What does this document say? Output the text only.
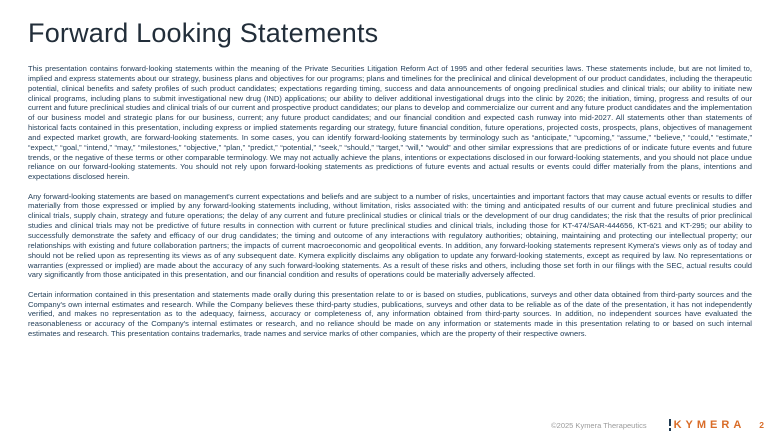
Forward Looking Statements

This presentation contains forward-looking statements within the meaning of the Private Securities Litigation Reform Act of 1995 and other federal securities laws. These statements include, but are not limited to, implied and express statements about our strategy, business plans and objectives for our programs; plans and timelines for the preclinical and clinical development of our product candidates, including the therapeutic potential, clinical benefits and safety profiles of such product candidates; expectations regarding timing, success and data announcements of ongoing preclinical studies and clinical trials; our ability to initiate new clinical programs, including plans to submit investigational new drug (IND) applications; our ability to deliver additional investigational drugs into the clinic by 2026; the initiation, timing, progress and results of our current and future preclinical studies and clinical trials of our current and prospective product candidates; our plans to develop and commercialize our current and any future product candidates and the implementation of our business model and strategic plans for our business, current; any future product candidates; and our financial condition and expected cash runway into mid-2027. All statements other than statements of historical facts contained in this presentation, including express or implied statements regarding our strategy, future financial condition, future operations, projected costs, prospects, plans, objectives of management and expected market growth, are forward-looking statements. In some cases, you can identify forward-looking statements by terminology such as “anticipate,” “upcoming,” “assume,” “believe,” “could,” “estimate,” “expect,” “goal,” “intend,” “may,” “milestones,” “objective,” “plan,” “predict,” “potential,” “seek,” “should,” “target,” “will,” “would” and other similar expressions that are predictions of or indicate future events and future trends, or the negative of these terms or other comparable terminology. We may not actually achieve the plans, intentions or expectations disclosed in our forward-looking statements, and you should not place undue reliance on our forward-looking statements. You should not rely upon forward-looking statements as predictions of future events and actual results or events could differ materially from the plans, intentions and expectations disclosed herein.

Any forward-looking statements are based on management's current expectations and beliefs and are subject to a number of risks, uncertainties and important factors that may cause actual events or results to differ materially from those expressed or implied by any forward-looking statements including, without limitation, risks associated with: the timing and anticipated results of our current and future preclinical studies and clinical trials, supply chain, strategy and future operations; the delay of any current and future preclinical studies or clinical trials or the development of our drug candidates; the risk that the results of prior preclinical studies and clinical trials may not be predictive of future results in connection with current or future preclinical studies and clinical trials, including those for KT-474/SAR-444656, KT-621 and KT-295; our ability to successfully demonstrate the safety and efficacy of our drug candidates; the timing and outcome of any interactions with regulatory authorities; obtaining, maintaining and protecting our intellectual property; our relationships with existing and future collaboration partners; the impacts of current macroeconomic and geopolitical events. In addition, any forward-looking statements represent Kymera's views only as of today and should not be relied upon as representing its views as of any subsequent date. Kymera explicitly disclaims any obligation to update any forward-looking statements, except as required by law. No representations or warranties (expressed or implied) are made about the accuracy of any such forward-looking statements. As a result of these risks and others, including those set forth in our filings with the SEC, actual results could vary significantly from those anticipated in this presentation, and our financial condition and results of operations could be materially adversely affected.

Certain information contained in this presentation and statements made orally during this presentation relate to or is based on studies, publications, surveys and other data obtained from third-party sources and the Company's own internal estimates and research. While the Company believes these third-party studies, publications, surveys and other data to be reliable as of the date of the presentation, it has not independently verified, and makes no representation as to the adequacy, fairness, accuracy or completeness of, any information obtained from third-party sources. In addition, no independent sources have evaluated the reasonableness or accuracy of the Company's internal estimates or research, and no reliance should be made on any information or statements made in this presentation relating to or based on such internal estimates and research. This presentation contains trademarks, trade names and service marks of other companies, which are the property of their respective owners.

©2025 Kymera Therapeutics KYMERA 2
